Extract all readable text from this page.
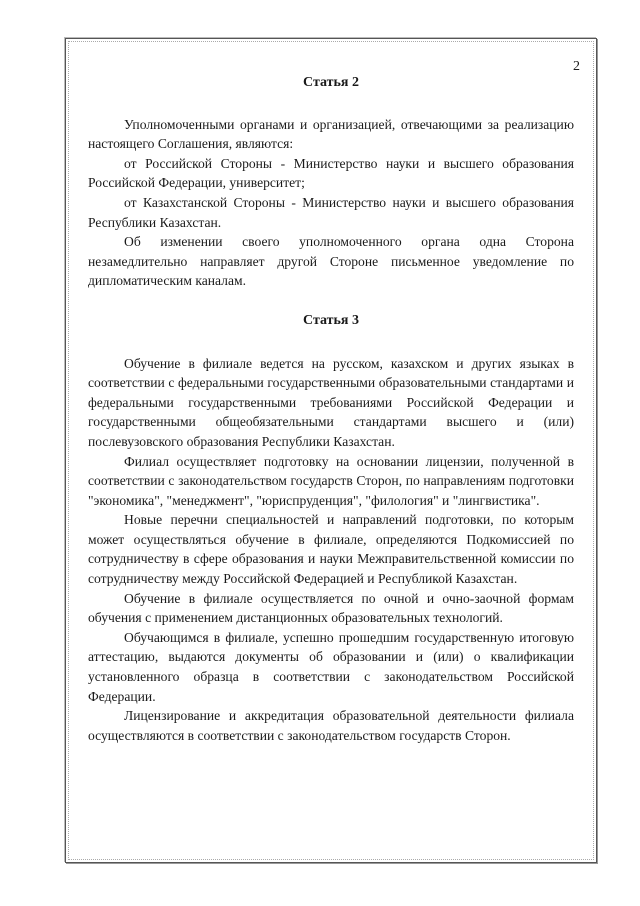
2
Статья 2

Уполномоченными органами и организацией, отвечающими за реализацию настоящего Соглашения, являются:

от Российской Стороны - Министерство науки и высшего образования Российской Федерации, университет;

от Казахстанской Стороны - Министерство науки и высшего образования Республики Казахстан.

Об изменении своего уполномоченного органа одна Сторона незамедлительно направляет другой Стороне письменное уведомление по дипломатическим каналам.

Статья 3

Обучение в филиале ведется на русском, казахском и других языках в соответствии с федеральными государственными образовательными стандартами и федеральными государственными требованиями Российской Федерации и государственными общеобязательными стандартами высшего и (или) послевузовского образования Республики Казахстан.

Филиал осуществляет подготовку на основании лицензии, полученной в соответствии с законодательством государств Сторон, по направлениям подготовки "экономика", "менеджмент", "юриспруденция", "филология" и "лингвистика".

Новые перечни специальностей и направлений подготовки, по которым может осуществляться обучение в филиале, определяются Подкомиссией по сотрудничеству в сфере образования и науки Межправительственной комиссии по сотрудничеству между Российской Федерацией и Республикой Казахстан.

Обучение в филиале осуществляется по очной и очно-заочной формам обучения с применением дистанционных образовательных технологий.

Обучающимся в филиале, успешно прошедшим государственную итоговую аттестацию, выдаются документы об образовании и (или) о квалификации установленного образца в соответствии с законодательством Российской Федерации.

Лицензирование и аккредитация образовательной деятельности филиала осуществляются в соответствии с законодательством государств Сторон.
